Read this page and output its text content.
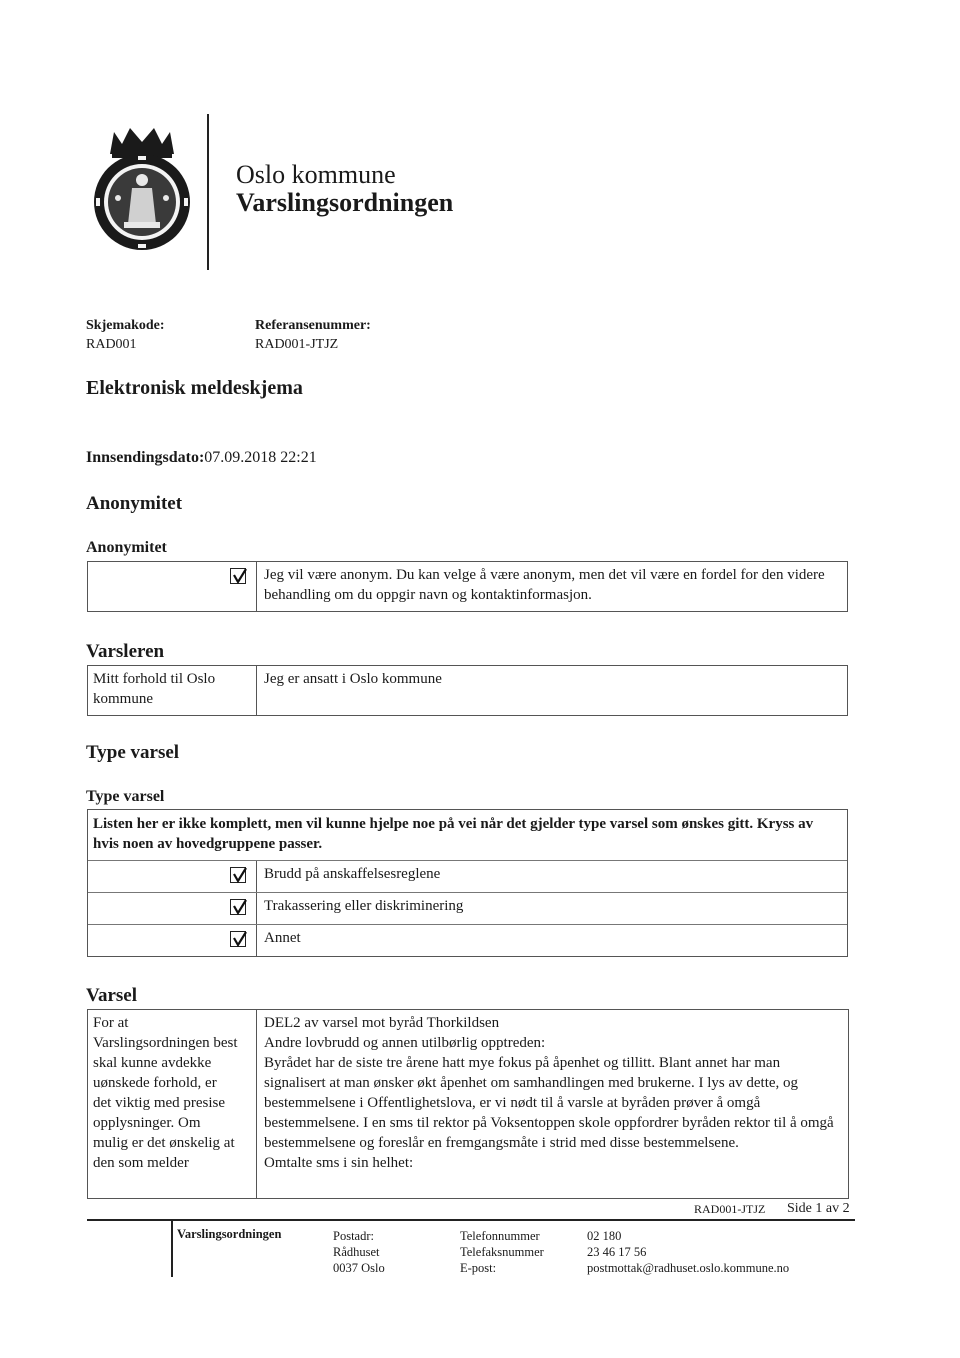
Oslo kommune
Varslingsordningen
Skjemakode:
RAD001
Referansenummer:
RAD001-JTJZ
Elektronisk meldeskjema
Innsendingsdato:07.09.2018 22:21
Anonymitet
Anonymitet
Jeg vil være anonym. Du kan velge å være anonym, men det vil være en fordel for den videre behandling om du oppgir navn og kontaktinformasjon.
Varsleren
Mitt forhold til Oslo kommune
Jeg er ansatt i Oslo kommune
Type varsel
Type varsel
Listen her er ikke komplett, men vil kunne hjelpe noe på vei når det gjelder type varsel som ønskes gitt. Kryss av hvis noen av hovedgruppene passer.
Brudd på anskaffelsesreglene
Trakassering eller diskriminering
Annet
Varsel
For at Varslingsordningen best skal kunne avdekke uønskede forhold, er det viktig med presise opplysninger. Om mulig er det ønskelig at den som melder
DEL2 av varsel mot byråd Thorkildsen
Andre lovbrudd og annen utilbørlig opptreden:
Byrådet har de siste tre årene hatt mye fokus på åpenhet og tillitt. Blant annet har man signalisert at man ønsker økt åpenhet om samhandlingen med brukerne. I lys av dette, og bestemmelsene i Offentlighetslova, er vi nødt til å varsle at byråden prøver å omgå bestemmelsene. I en sms til rektor på Voksentoppen skole oppfordrer byråden rektor til å omgå bestemmelsene og foreslår en fremgangsmåte i strid med disse bestemmelsene.
Omtalte sms i sin helhet:
RAD001-JTJZ Side 1 av 2
Varslingsordningen	Postadr:
Rådhuset
0037 Oslo
Telefonnummer
Telefaksnummer
E-post:
02 180
23 46 17 56
postmottak@radhuset.oslo.kommune.no
